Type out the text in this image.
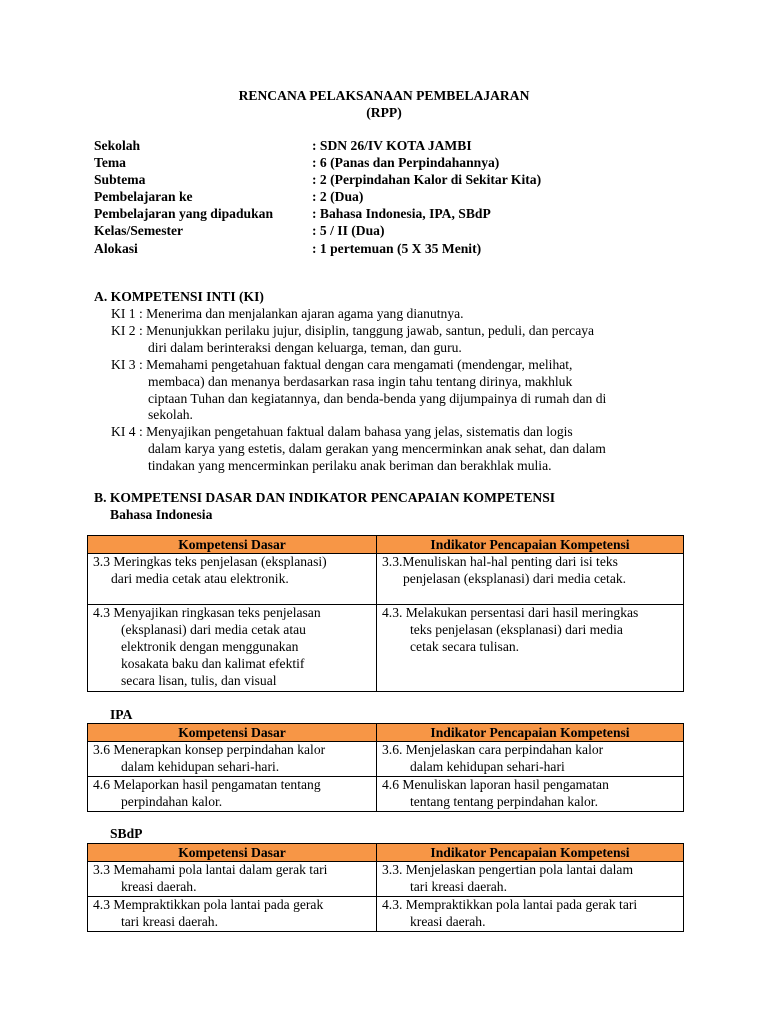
RENCANA PELAKSANAAN PEMBELAJARAN
(RPP)
Sekolah	: SDN 26/IV KOTA JAMBI
Tema	: 6 (Panas dan Perpindahannya)
Subtema	: 2 (Perpindahan Kalor di Sekitar Kita)
Pembelajaran ke	: 2 (Dua)
Pembelajaran yang dipadukan	: Bahasa Indonesia, IPA, SBdP
Kelas/Semester	: 5 / II (Dua)
Alokasi	: 1 pertemuan (5 X 35 Menit)
A. KOMPETENSI INTI (KI)
KI 1 : Menerima dan menjalankan ajaran agama yang dianutnya.
KI 2 : Menunjukkan perilaku jujur, disiplin, tanggung jawab, santun, peduli, dan percaya
diri dalam berinteraksi dengan keluarga, teman, dan guru.
KI 3 : Memahami pengetahuan faktual dengan cara mengamati (mendengar, melihat,
membaca) dan menanya berdasarkan rasa ingin tahu tentang dirinya, makhluk
ciptaan Tuhan dan kegiatannya, dan benda-benda yang dijumpainya di rumah dan di
sekolah.
KI 4 : Menyajikan pengetahuan faktual dalam bahasa yang jelas, sistematis dan logis
dalam karya yang estetis, dalam gerakan yang mencerminkan anak sehat, dan dalam
tindakan yang mencerminkan perilaku anak beriman dan berakhlak mulia.
B. KOMPETENSI DASAR DAN INDIKATOR PENCAPAIAN KOMPETENSI
Bahasa Indonesia
Kompetensi Dasar	Indikator Pencapaian Kompetensi

3.3 Meringkas teks penjelasan (eksplanasi)
dari media cetak atau elektronik.	3.3.Menuliskan hal-hal penting dari isi teks
penjelasan (eksplanasi) dari media cetak.

4.3 Menyajikan ringkasan teks penjelasan
(eksplanasi) dari media cetak atau
elektronik dengan menggunakan
kosakata baku dan kalimat efektif
secara lisan, tulis, dan visual	4.3. Melakukan persentasi dari hasil meringkas
teks penjelasan (eksplanasi) dari media
cetak secara tulisan.
IPA
Kompetensi Dasar	Indikator Pencapaian Kompetensi

3.6 Menerapkan konsep perpindahan kalor
dalam kehidupan sehari-hari.	3.6. Menjelaskan cara perpindahan kalor
dalam kehidupan sehari-hari

4.6 Melaporkan hasil pengamatan tentang
perpindahan kalor.	4.6 Menuliskan laporan hasil pengamatan
tentang tentang perpindahan kalor.
SBdP
Kompetensi Dasar	Indikator Pencapaian Kompetensi

3.3 Memahami pola lantai dalam gerak tari
kreasi daerah.	3.3. Menjelaskan pengertian pola lantai dalam
tari kreasi daerah.

4.3 Mempraktikkan pola lantai pada gerak
tari kreasi daerah.	4.3. Mempraktikkan pola lantai pada gerak tari
kreasi daerah.
